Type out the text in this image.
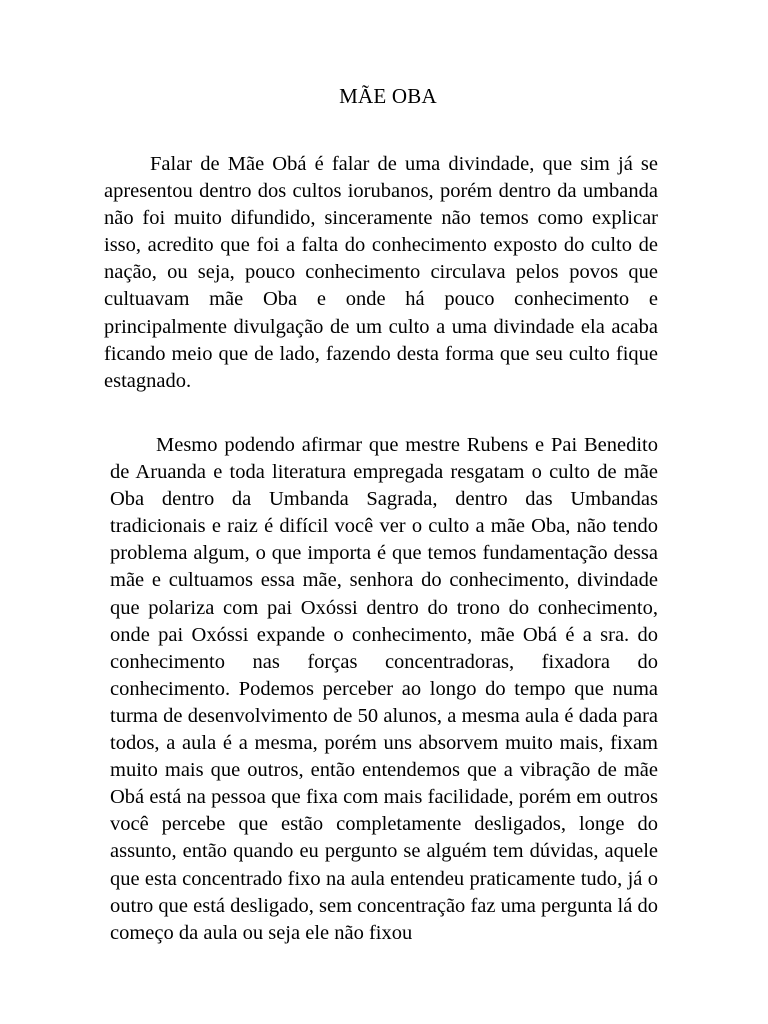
MÃE OBA

Falar de Mãe Obá é falar de uma divindade, que sim já se apresentou dentro dos cultos iorubanos, porém dentro da umbanda não foi muito difundido, sinceramente não temos como explicar isso, acredito que foi a falta do conhecimento exposto do culto de nação, ou seja, pouco conhecimento circulava pelos povos que cultuavam mãe Oba e onde há pouco conhecimento e principalmente divulgação de um culto a uma divindade ela acaba ficando meio que de lado, fazendo desta forma que seu culto fique estagnado.

Mesmo podendo afirmar que mestre Rubens e Pai Benedito de Aruanda e toda literatura empregada resgatam o culto de mãe Oba dentro da Umbanda Sagrada, dentro das Umbandas tradicionais e raiz é difícil você ver o culto a mãe Oba, não tendo problema algum, o que importa é que temos fundamentação dessa mãe e cultuamos essa mãe, senhora do conhecimento, divindade que polariza com pai Oxóssi dentro do trono do conhecimento, onde pai Oxóssi expande o conhecimento, mãe Obá é a sra. do conhecimento nas forças concentradoras, fixadora do conhecimento. Podemos perceber ao longo do tempo que numa turma de desenvolvimento de 50 alunos, a mesma aula é dada para todos, a aula é a mesma, porém uns absorvem muito mais, fixam muito mais que outros, então entendemos que a vibração de mãe Obá está na pessoa que fixa com mais facilidade, porém em outros você percebe que estão completamente desligados, longe do assunto, então quando eu pergunto se alguém tem dúvidas, aquele que esta concentrado fixo na aula entendeu praticamente tudo, já o outro que está desligado, sem concentração faz uma pergunta lá do começo da aula ou seja ele não fixou
